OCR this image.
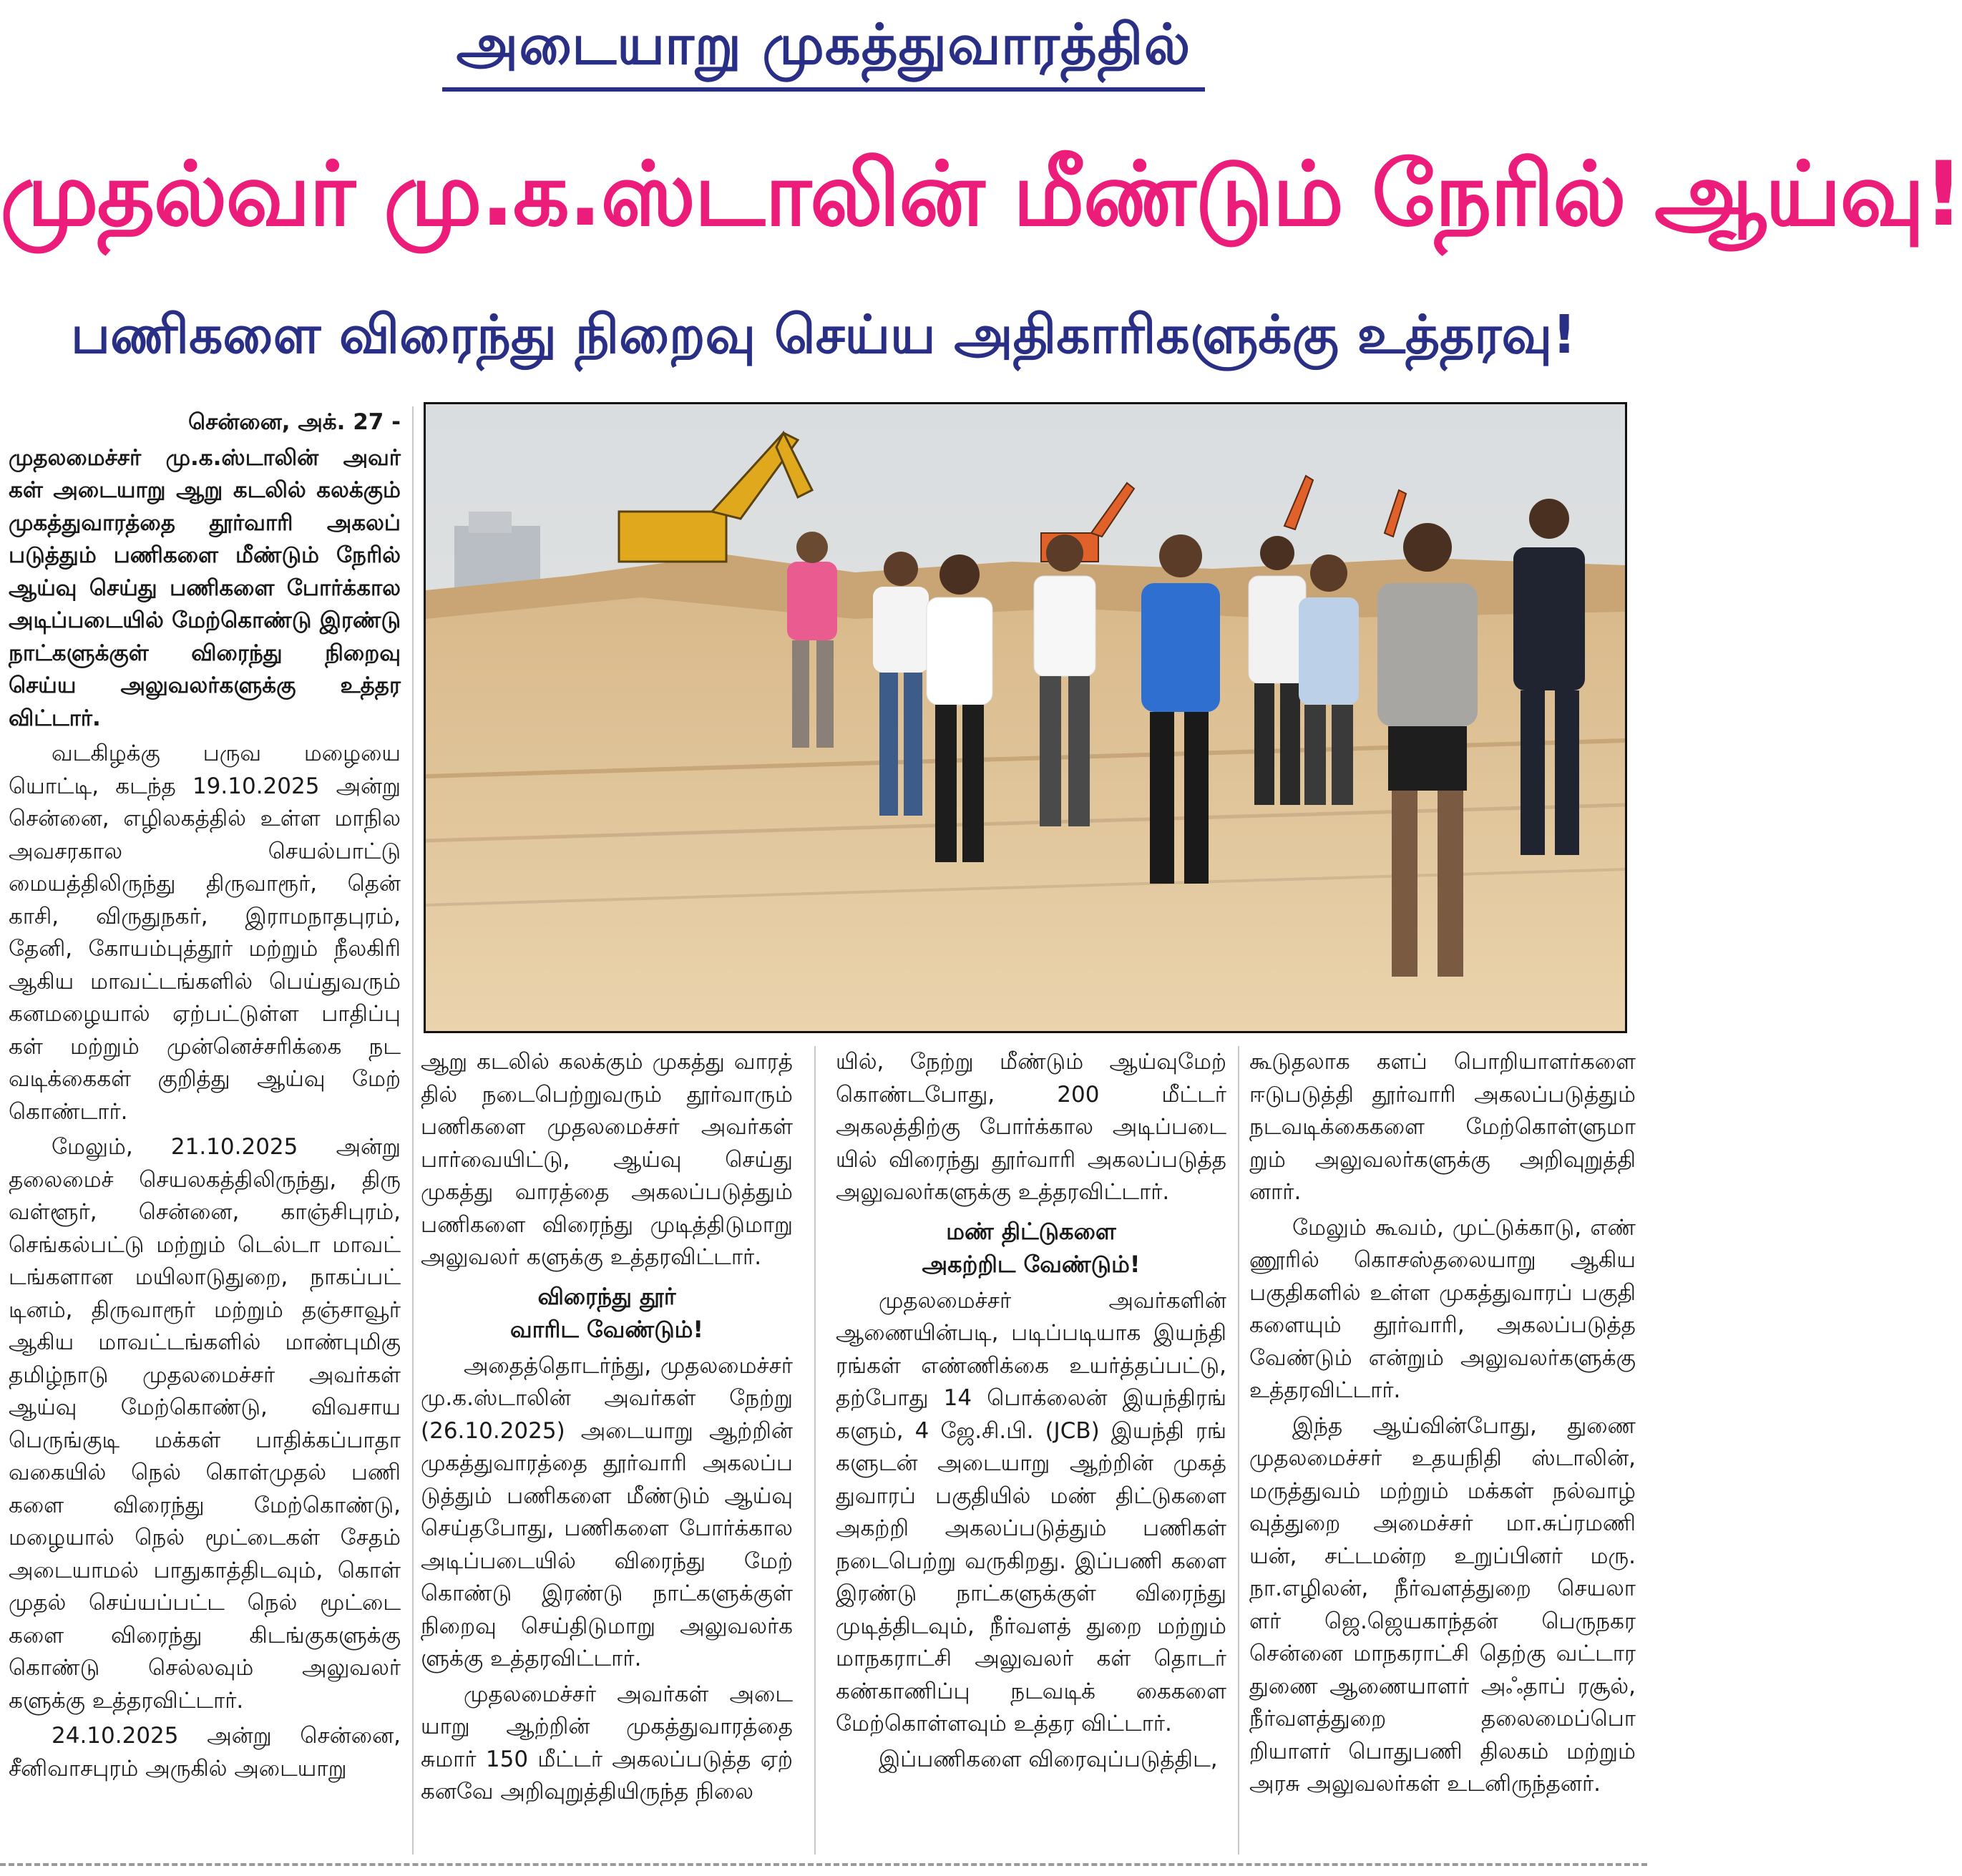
அடையாறு முகத்துவாரத்தில்
முதல்வர் மு.க.ஸ்டாலின் மீண்டும் நேரில் ஆய்வு!
பணிகளை விரைந்து நிறைவு செய்ய அதிகாரிகளுக்கு உத்தரவு!

சென்னை, அக். 27 -

முதலமைச்சர் மு.க.ஸ்டாலின் அவர் கள் அடையாறு ஆறு கடலில் கலக்கும் முகத்துவாரத்தை தூர்வாரி அகலப் படுத்தும் பணிகளை மீண்டும் நேரில் ஆய்வு செய்து பணிகளை போர்க்கால அடிப்படையில் மேற்கொண்டு இரண்டு நாட்களுக்குள் விரைந்து நிறைவு செய்ய அலுவலர்களுக்கு உத்தர விட்டார்.

வடகிழக்கு பருவ மழையை யொட்டி, கடந்த 19.10.2025 அன்று சென்னை, எழிலகத்தில் உள்ள மாநில அவசரகால செயல்பாட்டு மையத்திலிருந்து திருவாரூர், தென் காசி, விருதுநகர், இராமநாதபுரம், தேனி, கோயம்புத்தூர் மற்றும் நீலகிரி ஆகிய மாவட்டங்களில் பெய்துவரும் கனமழையால் ஏற்பட்டுள்ள பாதிப்பு கள் மற்றும் முன்னெச்சரிக்கை நட வடிக்கைகள் குறித்து ஆய்வு மேற் கொண்டார்.

மேலும், 21.10.2025 அன்று தலைமைச் செயலகத்திலிருந்து, திரு வள்ளூர், சென்னை, காஞ்சிபுரம், செங்கல்பட்டு மற்றும் டெல்டா மாவட் டங்களான மயிலாடுதுறை, நாகப்பட் டினம், திருவாரூர் மற்றும் தஞ்சாவூர் ஆகிய மாவட்டங்களில் மாண்புமிகு தமிழ்நாடு முதலமைச்சர் அவர்கள் ஆய்வு மேற்கொண்டு, விவசாய பெருங்குடி மக்கள் பாதிக்கப்பாதா வகையில் நெல் கொள்முதல் பணி களை விரைந்து மேற்கொண்டு, மழையால் நெல் மூட்டைகள் சேதம் அடையாமல் பாதுகாத்திடவும், கொள் முதல் செய்யப்பட்ட நெல் மூட்டை களை விரைந்து கிடங்குகளுக்கு கொண்டு செல்லவும் அலுவலர் களுக்கு உத்தரவிட்டார்.

24.10.2025 அன்று சென்னை, சீனிவாசபுரம் அருகில் அடையாறு

ஆறு கடலில் கலக்கும் முகத்து வாரத் தில் நடைபெற்றுவரும் தூர்வாரும் பணிகளை முதலமைச்சர் அவர்கள் பார்வையிட்டு, ஆய்வு செய்து முகத்து வாரத்தை அகலப்படுத்தும் பணிகளை விரைந்து முடித்திடுமாறு அலுவலர் களுக்கு உத்தரவிட்டார்.

விரைந்து தூர்
வாரிட வேண்டும்!

அதைத்தொடர்ந்து, முதலமைச்சர் மு.க.ஸ்டாலின் அவர்கள் நேற்று (26.10.2025) அடையாறு ஆற்றின் முகத்துவாரத்தை தூர்வாரி அகலப்ப டுத்தும் பணிகளை மீண்டும் ஆய்வு செய்தபோது, பணிகளை போர்க்கால அடிப்படையில் விரைந்து மேற் கொண்டு இரண்டு நாட்களுக்குள் நிறைவு செய்திடுமாறு அலுவலர்க ளுக்கு உத்தரவிட்டார்.

முதலமைச்சர் அவர்கள் அடை யாறு ஆற்றின் முகத்துவாரத்தை சுமார் 150 மீட்டர் அகலப்படுத்த ஏற் கனவே அறிவுறுத்தியிருந்த நிலை

யில், நேற்று மீண்டும் ஆய்வுமேற் கொண்டபோது, 200 மீட்டர் அகலத்திற்கு போர்க்கால அடிப்படை யில் விரைந்து தூர்வாரி அகலப்படுத்த அலுவலர்களுக்கு உத்தரவிட்டார்.

மண் திட்டுகளை
அகற்றிட வேண்டும்!

முதலமைச்சர் அவர்களின் ஆணையின்படி, படிப்படியாக இயந்தி ரங்கள் எண்ணிக்கை உயர்த்தப்பட்டு, தற்போது 14 பொக்லைன் இயந்திரங் களும், 4 ஜே.சி.பி. (JCB) இயந்தி ரங் களுடன் அடையாறு ஆற்றின் முகத் துவாரப் பகுதியில் மண் திட்டுகளை அகற்றி அகலப்படுத்தும் பணிகள் நடைபெற்று வருகிறது. இப்பணி களை இரண்டு நாட்களுக்குள் விரைந்து முடித்திடவும், நீர்வளத் துறை மற்றும் மாநகராட்சி அலுவலர் கள் தொடர் கண்காணிப்பு நடவடிக் கைகளை மேற்கொள்ளவும் உத்தர விட்டார்.

இப்பணிகளை விரைவுப்படுத்திட,

கூடுதலாக களப் பொறியாளர்களை ஈடுபடுத்தி தூர்வாரி அகலப்படுத்தும் நடவடிக்கைகளை மேற்கொள்ளுமா றும் அலுவலர்களுக்கு அறிவுறுத்தி னார்.

மேலும் கூவம், முட்டுக்காடு, எண் ணூரில் கொசஸ்தலையாறு ஆகிய பகுதிகளில் உள்ள முகத்துவாரப் பகுதி களையும் தூர்வாரி, அகலப்படுத்த வேண்டும் என்றும் அலுவலர்களுக்கு உத்தரவிட்டார்.

இந்த ஆய்வின்போது, துணை முதலமைச்சர் உதயநிதி ஸ்டாலின், மருத்துவம் மற்றும் மக்கள் நல்வாழ் வுத்துறை அமைச்சர் மா.சுப்ரமணி யன், சட்டமன்ற உறுப்பினர் மரு. நா.எழிலன், நீர்வளத்துறை செயலா ளர் ஜெ.ஜெயகாந்தன் பெருநகர சென்னை மாநகராட்சி தெற்கு வட்டார துணை ஆணையாளர் அஃதாப் ரசூல், நீர்வளத்துறை தலைமைப்பொ றியாளர் பொதுபணி திலகம் மற்றும் அரசு அலுவலர்கள் உடனிருந்தனர்.
